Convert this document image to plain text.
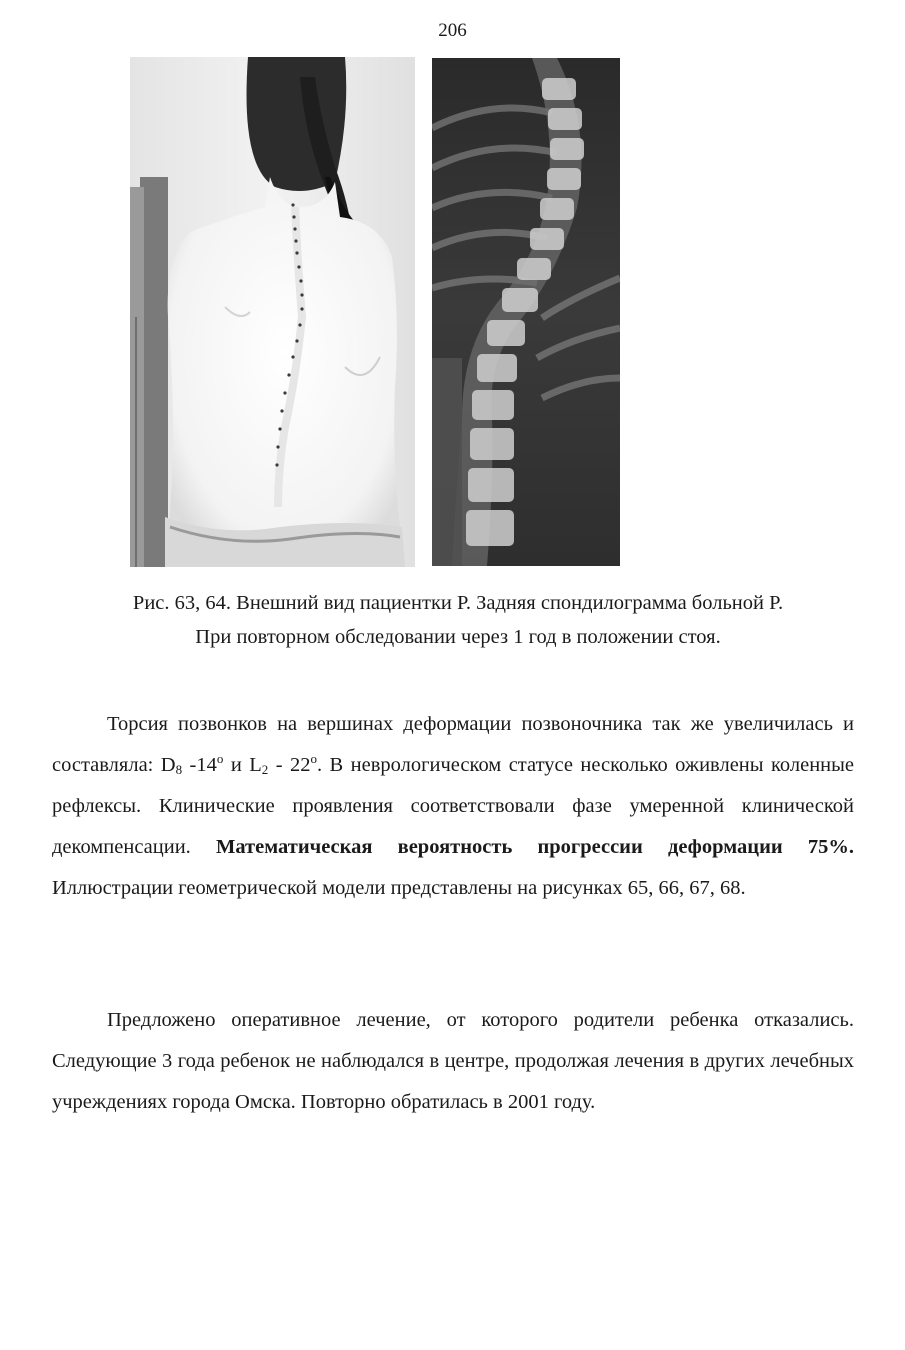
206
Рис. 63, 64. Внешний вид пациентки Р. Задняя спондилограмма больной Р.
При повторном обследовании через 1 год в положении стоя.

Торсия позвонков на вершинах деформации позвоночника так же увеличилась и составляла: $D_8$ -14$^o$ и $L_2 - 22^o$. В неврологическом статусе несколько оживлены коленные рефлексы. Клинические проявления соответствовали фазе умеренной клинической декомпенсации. Математическая вероятность прогрессии деформации 75%. Иллюстрации геометрической модели представлены на рисунках 65, 66, 67, 68.

Предложено оперативное лечение, от которого родители ребенка отказались. Следующие 3 года ребенок не наблюдался в центре, продолжая лечения в других лечебных учреждениях города Омска. Повторно обратилась в 2001 году.
